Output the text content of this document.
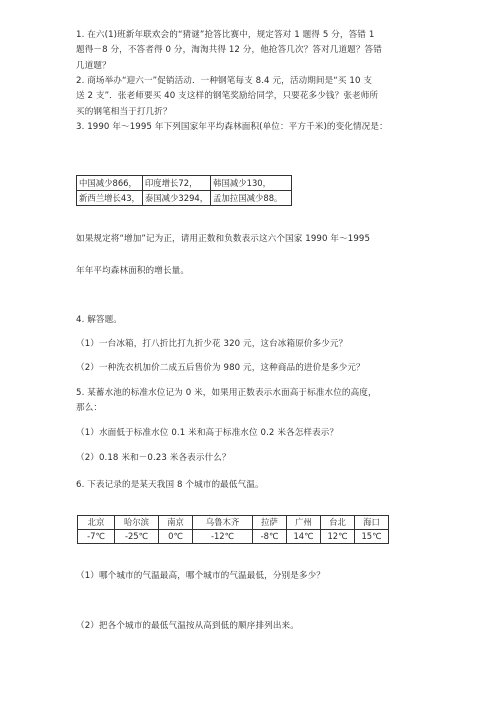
1. 在六(1)班新年联欢会的“猜谜”抢答比赛中，规定答对 1 题得 5 分，答错 1
题得－8 分，不答者得 0 分，淘淘共得 12 分，他抢答几次？答对几道题？答错
几道题？
2. 商场举办“迎六一”促销活动．一种钢笔每支 8.4 元，活动期间是“买 10 支
送 2 支”．张老师要买 40 支这样的钢笔奖励给同学，只要花多少钱？张老师所
买的钢笔相当于打几折？
3. 1990 年～1995 年下列国家年平均森林面积(单位：平方千米)的变化情况是：
中国减少866，	印度增长72，	韩国减少130，
新西兰增长43，	泰国减少3294，	孟加拉国减少88。
如果规定将“增加”记为正，请用正数和负数表示这六个国家 1990 年～1995
年年平均森林面积的增长量。
4. 解答题。
（1）一台冰箱，打八折比打九折少花 320 元，这台冰箱原价多少元？
（2）一种洗衣机加价二成五后售价为 980 元，这种商品的进价是多少元？
5. 某蓄水池的标准水位记为 0 米，如果用正数表示水面高于标准水位的高度，
那么：
（1）水面低于标准水位 0.1 米和高于标准水位 0.2 米各怎样表示？
（2）0.18 米和－0.23 米各表示什么？
6. 下表记录的是某天我国 8 个城市的最低气温。
北京	哈尔滨	南京	乌鲁木齐	拉萨	广州	台北	海口
-7℃	-25℃	0℃	-12℃	-8℃	14℃	12℃	15℃
（1）哪个城市的气温最高，哪个城市的气温最低，分别是多少？
（2）把各个城市的最低气温按从高到低的顺序排列出来。
